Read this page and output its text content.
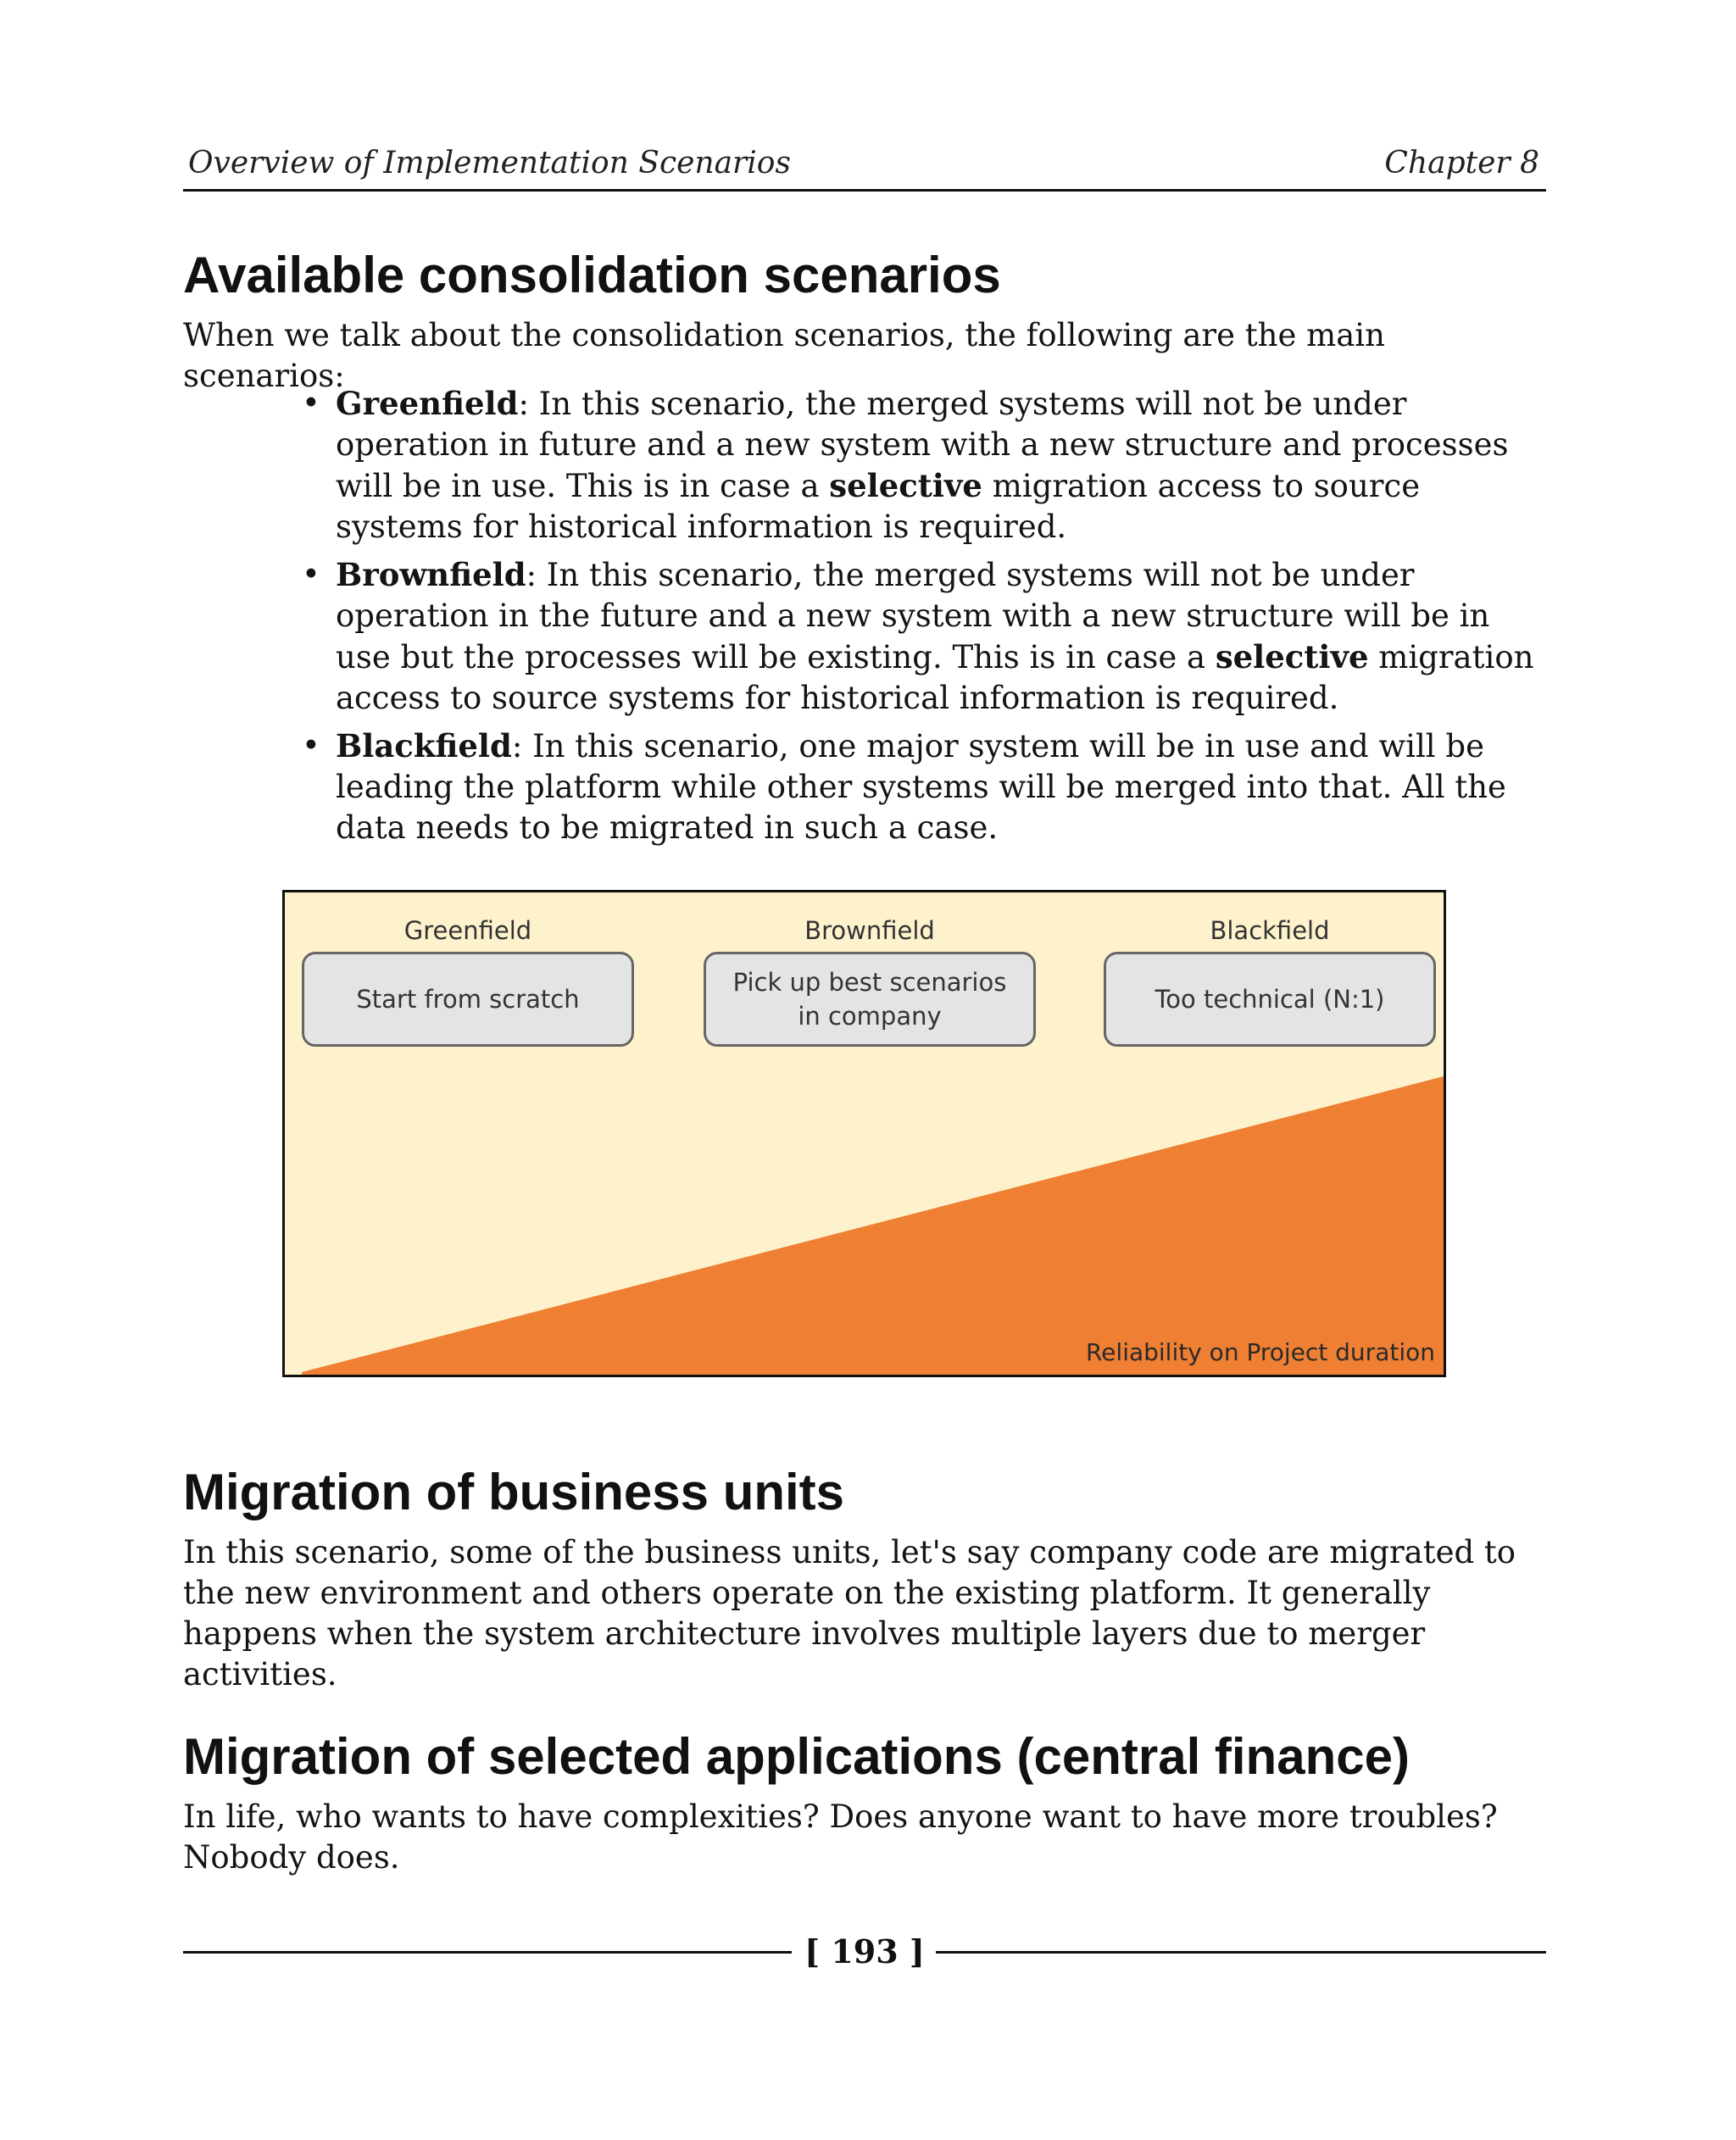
Overview of Implementation Scenarios	Chapter 8
Available consolidation scenarios

When we talk about the consolidation scenarios, the following are the main scenarios:

• Greenfield: In this scenario, the merged systems will not be under operation in future and a new system with a new structure and processes will be in use. This is in case a selective migration access to source systems for historical information is required.
• Brownfield: In this scenario, the merged systems will not be under operation in the future and a new system with a new structure will be in use but the processes will be existing. This is in case a selective migration access to source systems for historical information is required.
• Blackfield: In this scenario, one major system will be in use and will be leading the platform while other systems will be merged into that. All the data needs to be migrated in such a case.
Greenfield
Start from scratch
Brownfield
Pick up best scenarios in company
Blackfield
Too technical (N:1)
Reliability on Project duration
Migration of business units

In this scenario, some of the business units, let's say company code are migrated to the new environment and others operate on the existing platform. It generally happens when the system architecture involves multiple layers due to merger activities.

Migration of selected applications (central finance)

In life, who wants to have complexities? Does anyone want to have more troubles? Nobody does.

[ 193 ]
